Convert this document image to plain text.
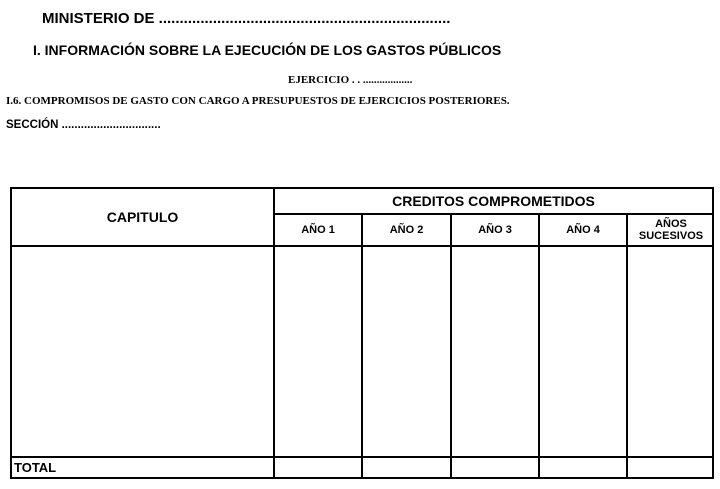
MINISTERIO DE ......................................................................
I. INFORMACIÓN SOBRE LA EJECUCIÓN DE LOS GASTOS PÚBLICOS
EJERCICIO . . ..................
I.6. COMPROMISOS DE GASTO CON CARGO A PRESUPUESTOS DE EJERCICIOS POSTERIORES.
SECCIÓN ...............................
CAPITULO
CREDITOS COMPROMETIDOS
AÑO 1	AÑO 2	AÑO 3	AÑO 4	AÑOS SUCESIVOS
TOTAL
